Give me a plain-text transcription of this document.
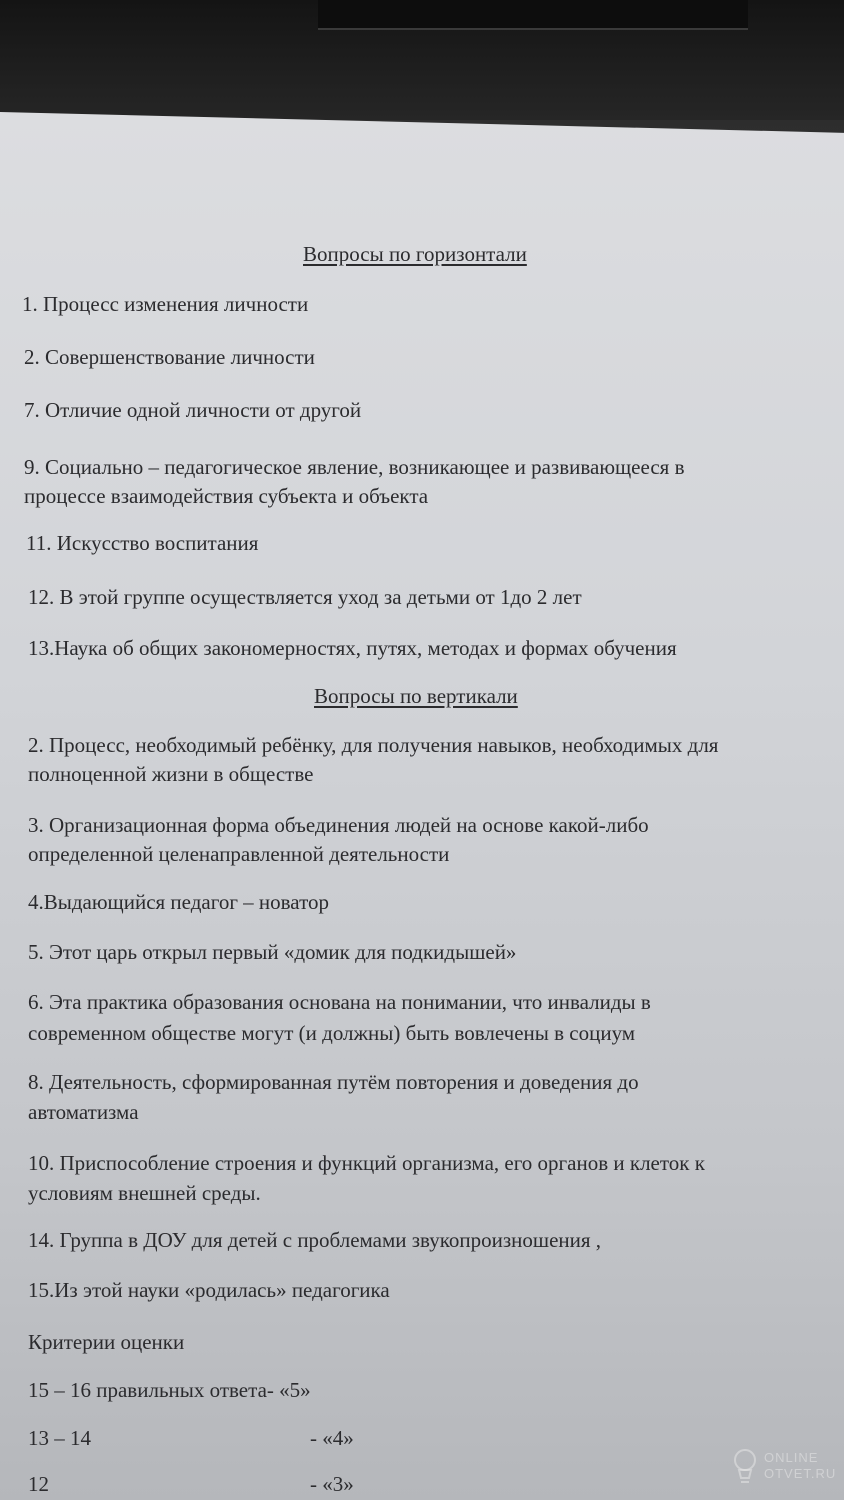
Вопросы по горизонтали
1. Процесс изменения личности
2. Совершенствование личности
7. Отличие одной личности от другой
9. Социально – педагогическое явление, возникающее и развивающееся в
процессе взаимодействия субъекта и объекта
11. Искусство воспитания
12. В этой группе осуществляется уход за детьми от 1до 2 лет
13.Наука об общих закономерностях, путях, методах и формах обучения
Вопросы по вертикали
2. Процесс, необходимый ребёнку, для получения навыков, необходимых для
полноценной жизни в обществе
3. Организационная форма объединения людей на основе какой-либо
определенной целенаправленной деятельности
4.Выдающийся педагог – новатор
5. Этот царь открыл первый «домик для подкидышей»
6. Эта практика образования основана на понимании, что инвалиды в
современном обществе могут (и должны) быть вовлечены в социум
8. Деятельность, сформированная путём повторения и доведения до
автоматизма
10. Приспособление строения и функций организма, его органов и клеток к
условиям внешней среды.
14. Группа в ДОУ для детей с проблемами звукопроизношения ,
15.Из этой науки «родилась» педагогика
Критерии оценки
15 – 16 правильных ответа- «5»
13 – 14	- «4»
12	- «3»
ONLINE
OTVET.RU
